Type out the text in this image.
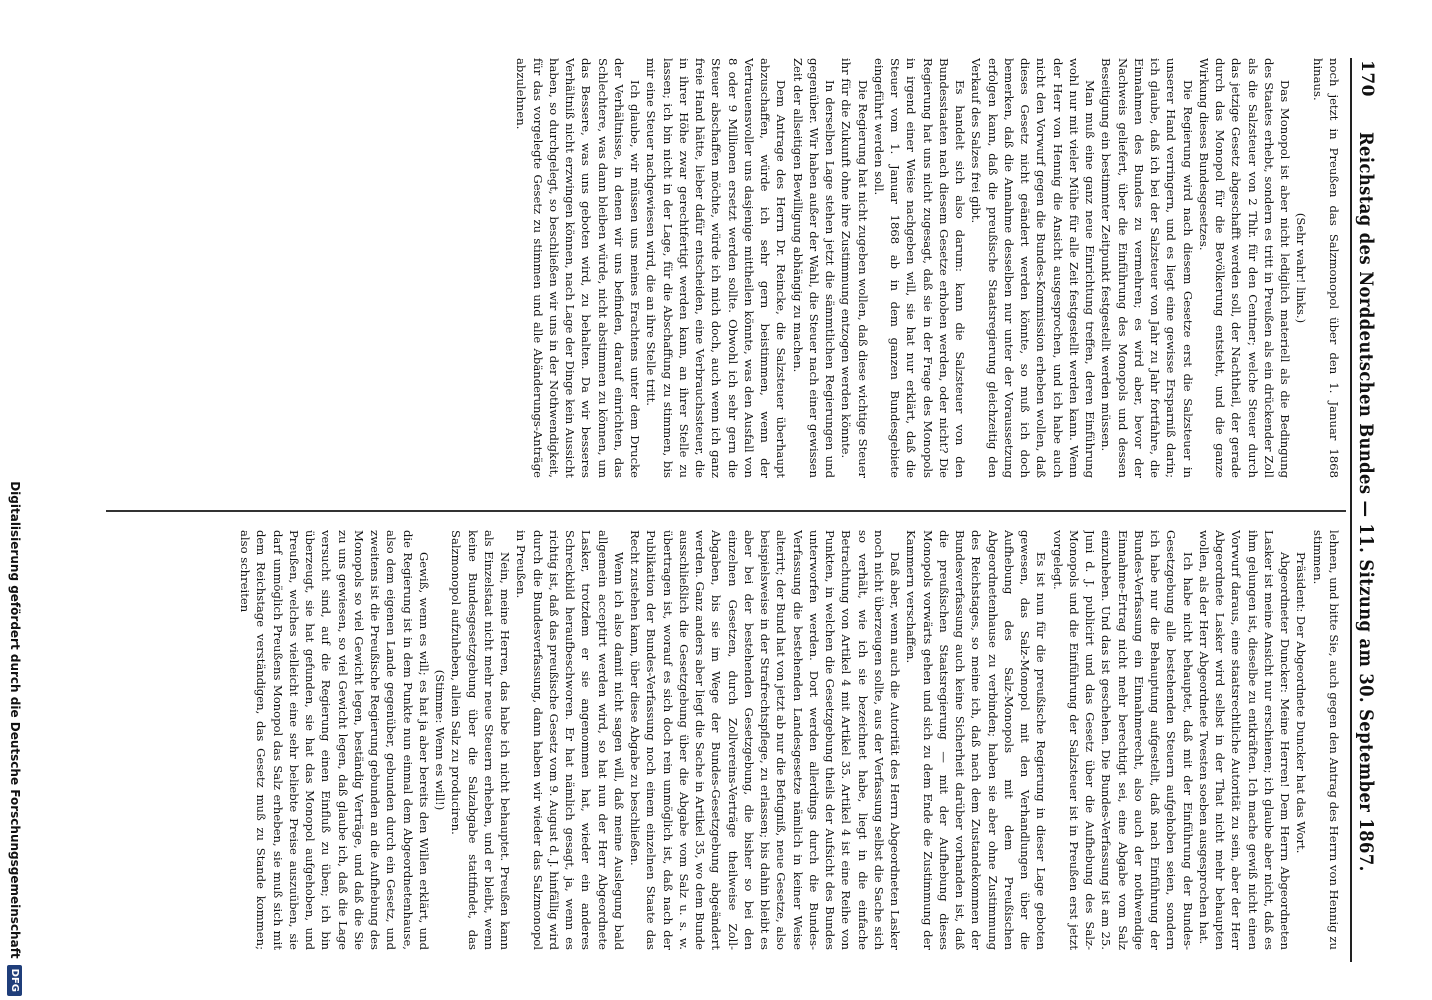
170
Reichstag des Norddeutschen Bundes — 11. Sitzung am 30. September 1867.

noch jetzt in Preußen das Salzmonopol über den 1. Januar 1868 hinaus.

(Sehr wahr! links.)

Das Monopol ist aber nicht lediglich materiell als die Bedingung des Staates erhebt, sondern es tritt in Preußen als ein drückender Zoll als die Salzsteuer von 2 Thlr. für den Centner; welche Steuer durch das jetzige Gesetz abgeschafft werden soll, der Nachtheil, der gerade durch das Monopol für die Bevölkerung entsteht, und die ganze Wirkung dieses Bundesgesetzes.

Die Regierung wird nach diesem Gesetze erst die Salzsteuer in unserer Hand verringern, und es liegt eine gewisse Ersparniß darin; ich glaube, daß ich bei der Salzsteuer von Jahr zu Jahr fortfahre, die Einnahmen des Bundes zu vermehren; es wird aber, bevor der Nachweis geliefert, über die Einführung des Monopols und dessen Beseitigung ein bestimmter Zeitpunkt festgestellt werden müssen.

Man muß eine ganz neue Einrichtung treffen, deren Einführung wohl nur mit vieler Mühe für alle Zeit festgestellt werden kann. Wenn der Herr von Hennig die Ansicht ausgesprochen, und ich habe auch nicht den Vorwurf gegen die Bundes-Kommission erheben wollen, daß dieses Gesetz nicht geändert werden könnte, so muß ich doch bemerken, daß die Annahme desselben nur unter der Voraussetzung erfolgen kann, daß die preußische Staatsregierung gleichzeitig den Verkauf des Salzes frei gibt.

Es handelt sich also darum: kann die Salzsteuer von den Bundesstaaten nach diesem Gesetze erhoben werden, oder nicht? Die Regierung hat uns nicht zugesagt, daß sie in der Frage des Monopols in irgend einer Weise nachgeben will, sie hat nur erklärt, daß die Steuer vom 1. Januar 1868 ab in dem ganzen Bundesgebiete eingeführt werden soll.

Die Regierung hat nicht zugeben wollen, daß diese wichtige Steuer ihr für die Zukunft ohne ihre Zustimmung entzogen werden könnte.

In derselben Lage stehen jetzt die sämmtlichen Regierungen und gegenüber. Wir haben außer der Wahl, die Steuer nach einer gewissen Zeit der allseitigen Bewilligung abhängig zu machen.

Dem Antrage des Herrn Dr. Reincke, die Salzsteuer überhaupt abzuschaffen, würde ich sehr gern beistimmen, wenn der Vertrauensvoller uns dasjenige mittheilen könnte, was den Ausfall von 8 oder 9 Millionen ersetzt werden sollte. Obwohl ich sehr gern die Steuer abschaffen möchte, würde ich mich doch, auch wenn ich ganz freie Hand hätte, lieber dafür entscheiden, eine Verbrauchssteuer, die in ihrer Höhe zwar gerechtfertigt werden kann, an ihrer Stelle zu lassen; ich bin nicht in der Lage, für die Abschaffung zu stimmen, bis mir eine Steuer nachgewiesen wird, die an ihre Stelle tritt.

Ich glaube, wir müssen uns meines Erachtens unter dem Drucke der Verhältnisse, in denen wir uns befinden, darauf einrichten, das Schlechtere, was dann bleiben würde, nicht abstimmen zu können, um das Bessere, was uns geboten wird, zu behalten. Da wir besseres Verhältniß nicht erzwingen können, nach Lage der Dinge kein Aussicht haben, so durchgelegt, so beschließen wir uns in der Nothwendigkeit, für das vorgelegte Gesetz zu stimmen und alle Abänderungs-Anträge abzulehnen.

lehnen, und bitte Sie, auch gegen den Antrag des Herrn von Hennig zu stimmen.

Präsident: Der Abgeordnete Duncker hat das Wort.

Abgeordneter Duncker: Meine Herren! Dem Herrn Abgeordneten Lasker ist meine Ansicht nur erschienen; ich glaube aber nicht, daß es ihm gelungen ist, dieselbe zu entkräften. Ich mache gewiß nicht einen Vorwurf daraus, eine staatsrechtliche Autorität zu sein, aber der Herr Abgeordnete Lasker wird selbst in der That nicht mehr behaupten wollen, als der Herr Abgeordnete Twesten soeben ausgesprochen hat.

Ich habe nicht behauptet, daß mit der Einführung der Bundes-Gesetzgebung alle bestehenden Steuern aufgehoben seien, sondern ich habe nur die Behauptung aufgestellt, daß nach Einführung der Bundes-Verfassung ein Einnahmerecht, also auch der nothwendige Einnahme-Ertrag nicht mehr berechtigt sei, eine Abgabe vom Salz einzuheben. Und das ist geschehen. Die Bundes-Verfassung ist am 25. Juni d. J. publicirt und das Gesetz über die Aufhebung des Salz-Monopols und die Einführung der Salzsteuer ist in Preußen erst jetzt vorgelegt.

Es ist nun für die preußische Regierung in dieser Lage geboten gewesen, das Salz-Monopol mit den Verhandlungen über die Aufhebung des Salz-Monopols mit dem Preußischen Abgeordnetenhause zu verbinden; haben sie aber ohne Zustimmung des Reichstages, so meine ich, daß nach dem Zustandekommen der Bundesverfassung auch keine Sicherheit darüber vorhanden ist, daß die preußischen Staatsregierung — mit der Aufhebung dieses Monopols vorwärts gehen und sich zu dem Ende die Zustimmung der Kammern verschaffen.

Daß aber, wenn auch die Autorität des Herrn Abgeordneten Lasker noch nicht überzeugen sollte, aus der Verfassung selbst die Sache sich so verhält, wie ich sie bezeichnet habe, liegt in die einfache Betrachtung von Artikel 4 mit Artikel 35. Artikel 4 ist eine Reihe von Punkten, in welchen die Gesetzgebung theils der Aufsicht des Bundes unterworfen werden. Dort werden allerdings durch die Bundes-Verfassung die bestehenden Landesgesetze nämlich in keiner Weise alterirt; der Bund hat von jetzt ab nur die Befugniß, neue Gesetze, also beispielsweise in der Strafrechtspflege, zu erlassen; bis dahin bleibt es aber bei der bestehenden Gesetzgebung, die bisher so bei den einzelnen Gesetzen, durch Zollvereins-Verträge theilweise Zoll-Abgaben, bis sie im Wege der Bundes-Gesetzgebung abgeändert werden. Ganz anders aber liegt die Sache in Artikel 35, wo dem Bunde ausschließlich die Gesetzgebung über die Abgabe vom Salz u. s. w. übertragen ist, worauf es sich doch rein unmöglich ist, daß nach der Publikation der Bundes-Verfassung noch einem einzelnen Staate das Recht zustehen kann, über diese Abgabe zu beschließen.

Wenn ich also damit nicht sagen will, daß meine Auslegung bald allgemein acceptirt werden wird, so hat nun der Herr Abgeordnete Lasker, trotzdem er sie angenommen hat, wieder ein anderes Schreckbild heraufbeschworen. Er hat nämlich gesagt, ja, wenn es richtig ist, daß das preußische Gesetz vom 9. August d. J. hinfällig wird durch die Bundesverfassung, dann haben wir wieder das Salzmonopol in Preußen.

Nein, meine Herren, das habe ich nicht behauptet. Preußen kann als Einzelstaat nicht mehr neue Steuern erheben, und er bleibt, wenn keine Bundesgesetzgebung über die Salzabgabe stattfindet, das Salzmonopol aufzuheben, allein Salz zu produciren.

(Stimme: Wenn es will!)

Gewiß, wenn es will; es hat ja aber bereits den Willen erklärt, und die Regierung ist in dem Punkte nun einmal dem Abgeordnetenhause, also dem eigenen Lande gegenüber, gebunden durch ein Gesetz, und zweitens ist die Preußische Regierung gebunden an die Aufhebung des Monopols so viel Gewicht legen, beständig Verträge, und daß die Sie zu uns gewiesen, so viel Gewicht legen, daß glaube ich, daß die Lage versucht sind, auf die Regierung einen Einfluß zu üben; ich bin überzeugt, sie hat gefunden, sie hat das Monopol aufgehoben, und Preußen, welches vielleicht eine sehr beliebte Preise auszuüben, sie darf unmöglich Preußens Monopol das Salz erheben, sie muß sich mit dem Reichstage verständigen, das Gesetz muß zu Stande kommen; also schreiten

Digitalisierung gefördert durch die Deutsche Forschungsgemeinschaft
DFG
